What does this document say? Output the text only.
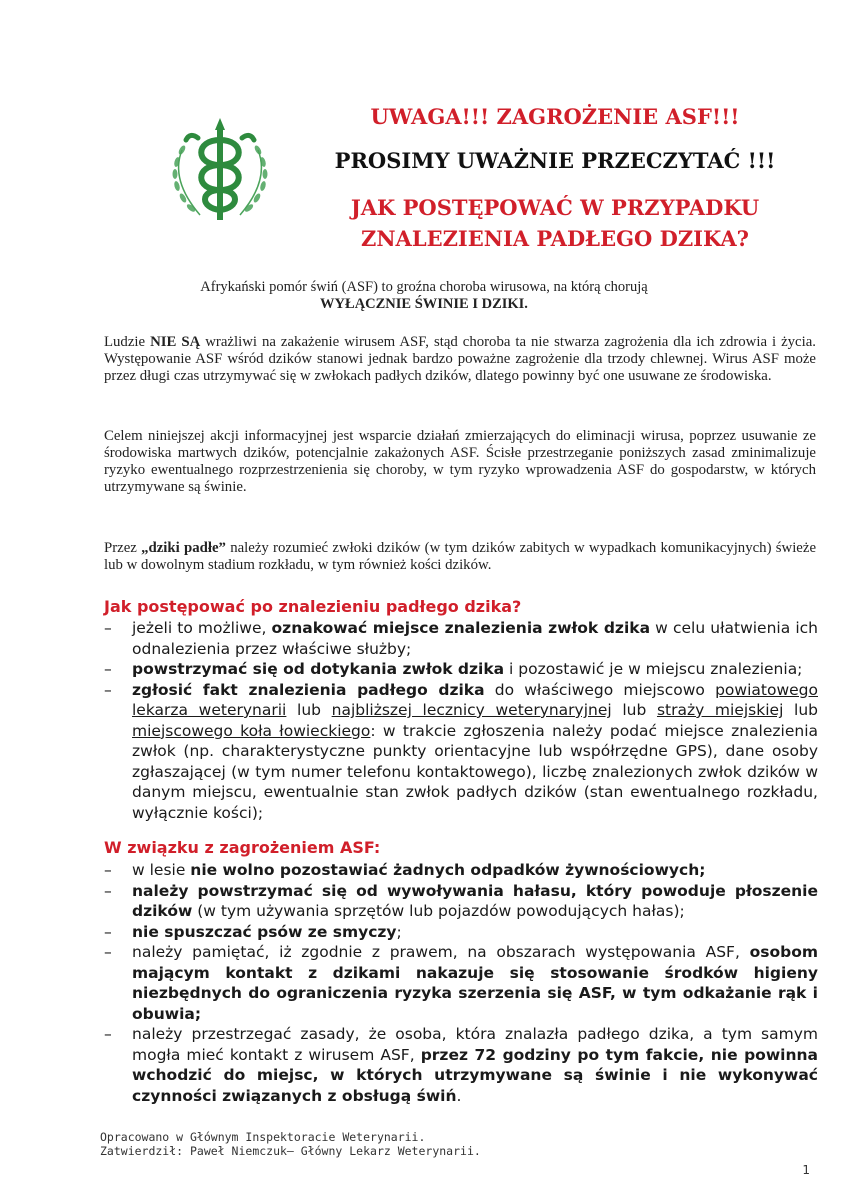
UWAGA!!! ZAGROŻENIE ASF!!!
PROSIMY UWAŻNIE PRZECZYTAĆ !!!
JAK POSTĘPOWAĆ W PRZYPADKU
ZNALEZIENIA PADŁEGO DZIKA?
Afrykański pomór świń (ASF) to groźna choroba wirusowa, na którą chorują
WYŁĄCZNIE ŚWINIE I DZIKI.

Ludzie NIE SĄ wrażliwi na zakażenie wirusem ASF, stąd choroba ta nie stwarza zagrożenia dla ich zdrowia i życia. Występowanie ASF wśród dzików stanowi jednak bardzo poważne zagrożenie dla trzody chlewnej. Wirus ASF może przez długi czas utrzymywać się w zwłokach padłych dzików, dlatego powinny być one usuwane ze środowiska.

Celem niniejszej akcji informacyjnej jest wsparcie działań zmierzających do eliminacji wirusa, poprzez usuwanie ze środowiska martwych dzików, potencjalnie zakażonych ASF. Ścisłe przestrzeganie poniższych zasad zminimalizuje ryzyko ewentualnego rozprzestrzenienia się choroby, w tym ryzyko wprowadzenia ASF do gospodarstw, w których utrzymywane są świnie.

Przez „dziki padłe” należy rozumieć zwłoki dzików (w tym dzików zabitych w wypadkach komunikacyjnych) świeże lub w dowolnym stadium rozkładu, w tym również kości dzików.

Jak postępować po znalezieniu padłego dzika?
– jeżeli to możliwe, oznakować miejsce znalezienia zwłok dzika w celu ułatwienia ich odnalezienia przez właściwe służby;
– powstrzymać się od dotykania zwłok dzika i pozostawić je w miejscu znalezienia;
– zgłosić fakt znalezienia padłego dzika do właściwego miejscowo powiatowego lekarza weterynarii lub najbliższej lecznicy weterynaryjnej lub straży miejskiej lub miejscowego koła łowieckiego: w trakcie zgłoszenia należy podać miejsce znalezienia zwłok (np. charakterystyczne punkty orientacyjne lub współrzędne GPS), dane osoby zgłaszającej (w tym numer telefonu kontaktowego), liczbę znalezionych zwłok dzików w danym miejscu, ewentualnie stan zwłok padłych dzików (stan ewentualnego rozkładu, wyłącznie kości);
W związku z zagrożeniem ASF:
– w lesie nie wolno pozostawiać żadnych odpadków żywnościowych;
– należy powstrzymać się od wywoływania hałasu, który powoduje płoszenie dzików (w tym używania sprzętów lub pojazdów powodujących hałas);
– nie spuszczać psów ze smyczy;
– należy pamiętać, iż zgodnie z prawem, na obszarach występowania ASF, osobom mającym kontakt z dzikami nakazuje się stosowanie środków higieny niezbędnych do ograniczenia ryzyka szerzenia się ASF, w tym odkażanie rąk i obuwia;
– należy przestrzegać zasady, że osoba, która znalazła padłego dzika, a tym samym mogła mieć kontakt z wirusem ASF, przez 72 godziny po tym fakcie, nie powinna wchodzić do miejsc, w których utrzymywane są świnie i nie wykonywać czynności związanych z obsługą świń.
Opracowano w Głównym Inspektoracie Weterynarii.
Zatwierdził: Paweł Niemczuk– Główny Lekarz Weterynarii.
1
